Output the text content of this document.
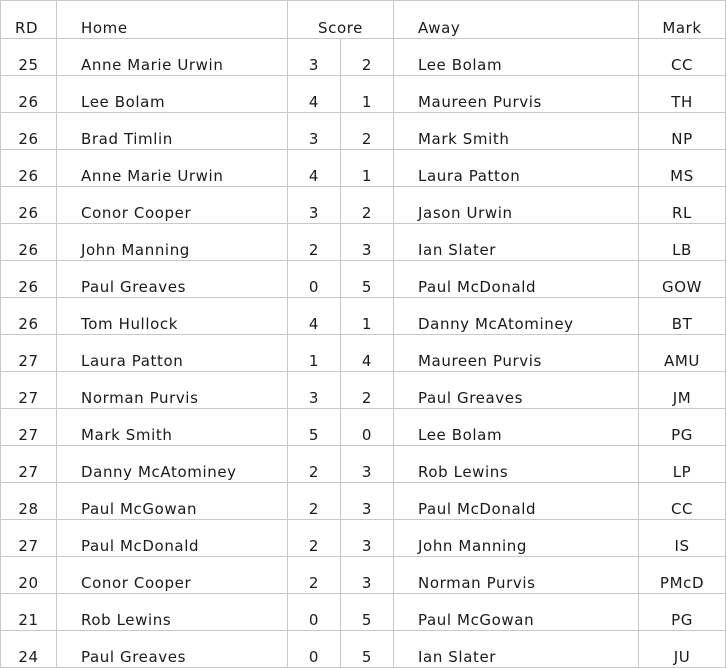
RD	Home	Score		Away	Mark
25	Anne Marie Urwin	3	2	Lee Bolam	CC
26	Lee Bolam	4	1	Maureen Purvis	TH
26	Brad Timlin	3	2	Mark Smith	NP
26	Anne Marie Urwin	4	1	Laura Patton	MS
26	Conor Cooper	3	2	Jason Urwin	RL
26	John Manning	2	3	Ian Slater	LB
26	Paul Greaves	0	5	Paul McDonald	GOW
26	Tom Hullock	4	1	Danny McAtominey	BT
27	Laura Patton	1	4	Maureen Purvis	AMU
27	Norman Purvis	3	2	Paul Greaves	JM
27	Mark Smith	5	0	Lee Bolam	PG
27	Danny McAtominey	2	3	Rob Lewins	LP
28	Paul McGowan	2	3	Paul McDonald	CC
27	Paul McDonald	2	3	John Manning	IS
20	Conor Cooper	2	3	Norman Purvis	PMcD
21	Rob Lewins	0	5	Paul McGowan	PG
24	Paul Greaves	0	5	Ian Slater	JU
